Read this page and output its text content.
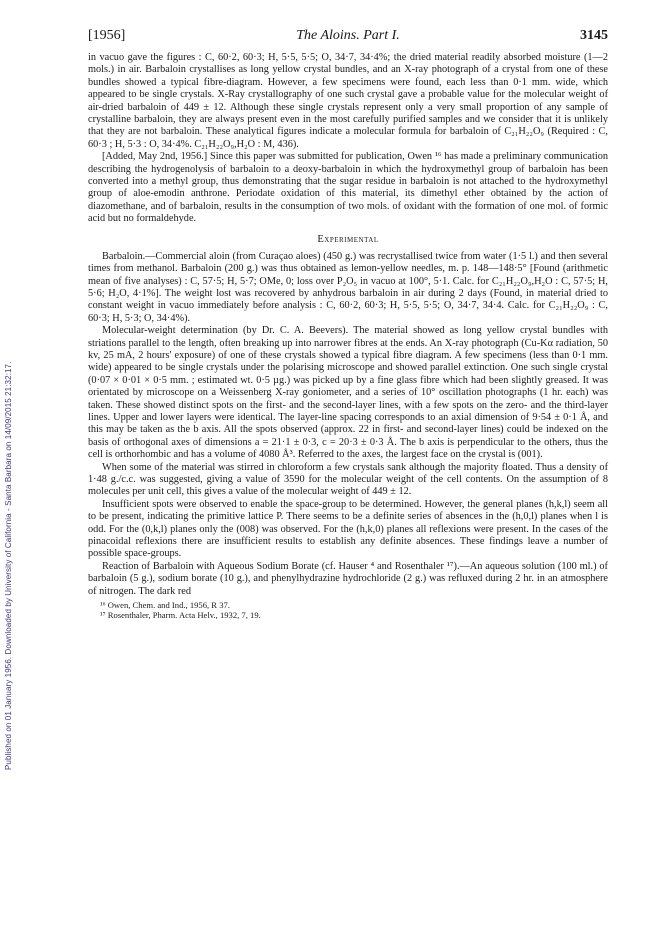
Published on 01 January 1956. Downloaded by University of California - Santa Barbara on 14/09/2015 21:32:17.
[1956]	The Aloins. Part I.	3145

in vacuo gave the figures : C, 60·2, 60·3; H, 5·5, 5·5; O, 34·7, 34·4%; the dried material readily absorbed moisture (1—2 mols.) in air. Barbaloin crystallises as long yellow crystal bundles, and an X-ray photograph of a crystal from one of these bundles showed a typical fibre-diagram. However, a few specimens were found, each less than 0·1 mm. wide, which appeared to be single crystals. X-Ray crystallography of one such crystal gave a probable value for the molecular weight of air-dried barbaloin of 449 ± 12. Although these single crystals represent only a very small proportion of any sample of crystalline barbaloin, they are always present even in the most carefully purified samples and we consider that it is unlikely that they are not barbaloin. These analytical figures indicate a molecular formula for barbaloin of C₂₁H₂₂O₉ (Required : C, 60·3 ; H, 5·3 : O, 34·4%. C₂₁H₂₂O₉,H₂O : M, 436).

[Added, May 2nd, 1956.] Since this paper was submitted for publication, Owen ¹⁶ has made a preliminary communication describing the hydrogenolysis of barbaloin to a deoxy-barbaloin in which the hydroxymethyl group of barbaloin has been converted into a methyl group, thus demonstrating that the sugar residue in barbaloin is not attached to the hydroxymethyl group of aloe-emodin anthrone. Periodate oxidation of this material, its dimethyl ether obtained by the action of diazomethane, and of barbaloin, results in the consumption of two mols. of oxidant with the formation of one mol. of formic acid but no formaldehyde.

Experimental

Barbaloin.—Commercial aloin (from Curaçao aloes) (450 g.) was recrystallised twice from water (1·5 l.) and then several times from methanol. Barbaloin (200 g.) was thus obtained as lemon-yellow needles, m. p. 148—148·5° [Found (arithmetic mean of five analyses) : C, 57·5; H, 5·7; OMe, 0; loss over P₂O₅ in vacuo at 100°, 5·1. Calc. for C₂₁H₂₂O₉,H₂O : C, 57·5; H, 5·6; H₂O, 4·1%]. The weight lost was recovered by anhydrous barbaloin in air during 2 days (Found, in material dried to constant weight in vacuo immediately before analysis : C, 60·2, 60·3; H, 5·5, 5·5; O, 34·7, 34·4. Calc. for C₂₁H₂₂O₉ : C, 60·3; H, 5·3; O, 34·4%).

Molecular-weight determination (by Dr. C. A. Beevers). The material showed as long yellow crystal bundles with striations parallel to the length, often breaking up into narrower fibres at the ends. An X-ray photograph (Cu-Kα radiation, 50 kv, 25 mA, 2 hours' exposure) of one of these crystals showed a typical fibre diagram. A few specimens (less than 0·1 mm. wide) appeared to be single crystals under the polarising microscope and showed parallel extinction. One such single crystal (0·07 × 0·01 × 0·5 mm. ; estimated wt. 0·5 µg.) was picked up by a fine glass fibre which had been slightly greased. It was orientated by microscope on a Weissenberg X-ray goniometer, and a series of 10° oscillation photographs (1 hr. each) was taken. These showed distinct spots on the first- and the second-layer lines, with a few spots on the zero- and the third-layer lines. Upper and lower layers were identical. The layer-line spacing corresponds to an axial dimension of 9·54 ± 0·1 Å, and this may be taken as the b axis. All the spots observed (approx. 22 in first- and second-layer lines) could be indexed on the basis of orthogonal axes of dimensions a = 21·1 ± 0·3, c = 20·3 ± 0·3 Å. The b axis is perpendicular to the others, thus the cell is orthorhombic and has a volume of 4080 Å³. Referred to the axes, the largest face on the crystal is (001).

When some of the material was stirred in chloroform a few crystals sank although the majority floated. Thus a density of 1·48 g./c.c. was suggested, giving a value of 3590 for the molecular weight of the cell contents. On the assumption of 8 molecules per unit cell, this gives a value of the molecular weight of 449 ± 12.

Insufficient spots were observed to enable the space-group to be determined. However, the general planes (h,k,l) seem all to be present, indicating the primitive lattice P. There seems to be a definite series of absences in the (h,0,l) planes when l is odd. For the (0,k,l) planes only the (008) was observed. For the (h,k,0) planes all reflexions were present. In the cases of the pinacoidal reflexions there are insufficient results to establish any definite absences. These findings leave a number of possible space-groups.

Reaction of Barbaloin with Aqueous Sodium Borate (cf. Hauser ⁴ and Rosenthaler ¹⁷).—An aqueous solution (100 ml.) of barbaloin (5 g.), sodium borate (10 g.), and phenylhydrazine hydrochloride (2 g.) was refluxed during 2 hr. in an atmosphere of nitrogen. The dark red

¹⁶ Owen, Chem. and Ind., 1956, R 37.

¹⁷ Rosenthaler, Pharm. Acta Helv., 1932, 7, 19.
